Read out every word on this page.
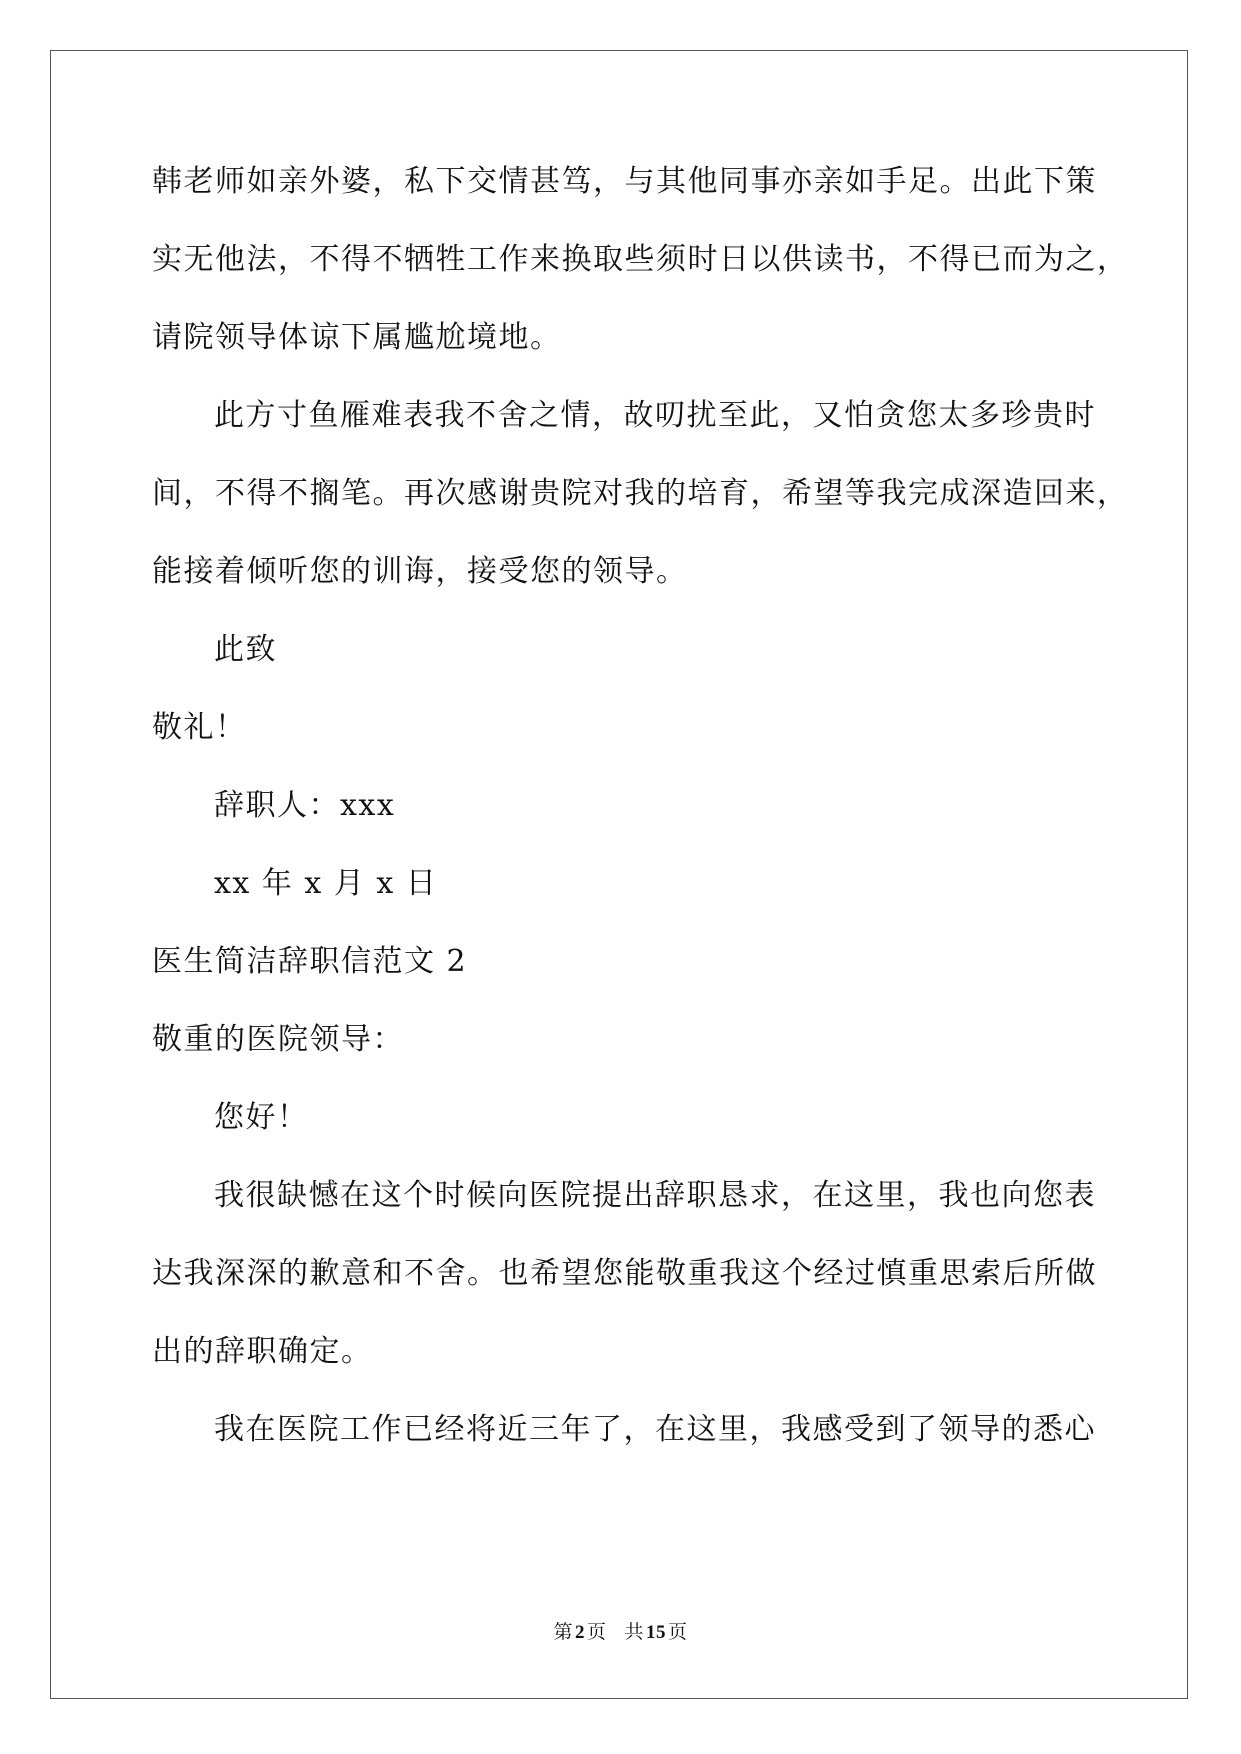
韩老师如亲外婆，私下交情甚笃，与其他同事亦亲如手足。出此下策
实无他法，不得不牺牲工作来换取些须时日以供读书，不得已而为之，
请院领导体谅下属尴尬境地。
此方寸鱼雁难表我不舍之情，故叨扰至此，又怕贪您太多珍贵时
间，不得不搁笔。再次感谢贵院对我的培育，希望等我完成深造回来，
能接着倾听您的训诲，接受您的领导。
此致
敬礼！
辞职人：xxx
xx 年 x 月 x 日
医生简洁辞职信范文 2
敬重的医院领导：
您好！
我很缺憾在这个时候向医院提出辞职恳求，在这里，我也向您表
达我深深的歉意和不舍。也希望您能敬重我这个经过慎重思索后所做
出的辞职确定。
我在医院工作已经将近三年了，在这里，我感受到了领导的悉心
第 2 页 共 15 页
